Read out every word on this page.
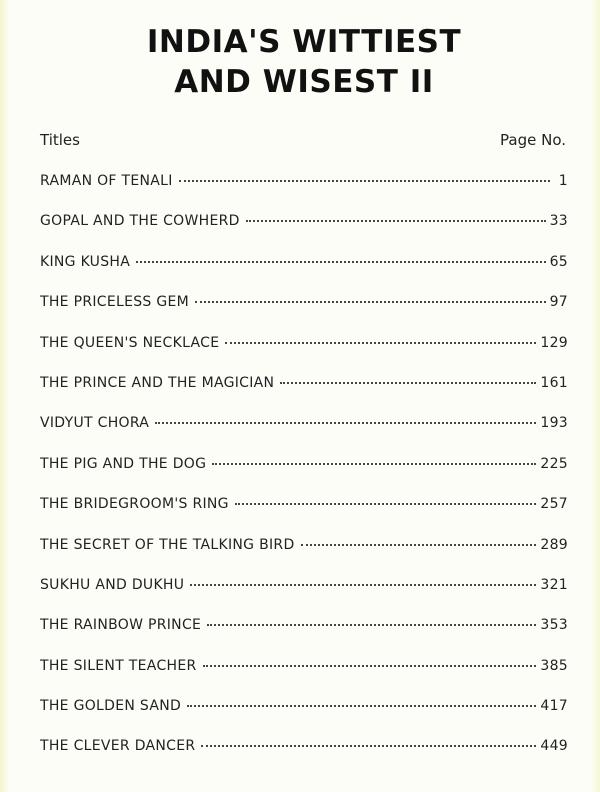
INDIA'S WITTIEST
AND WISEST II
Titles	Page No.
RAMAN OF TENALI	1
GOPAL AND THE COWHERD	33
KING KUSHA	65
THE PRICELESS GEM	97
THE QUEEN'S NECKLACE	129
THE PRINCE AND THE MAGICIAN	161
VIDYUT CHORA	193
THE PIG AND THE DOG	225
THE BRIDEGROOM'S RING	257
THE SECRET OF THE TALKING BIRD	289
SUKHU AND DUKHU	321
THE RAINBOW PRINCE	353
THE SILENT TEACHER	385
THE GOLDEN SAND	417
THE CLEVER DANCER	449
